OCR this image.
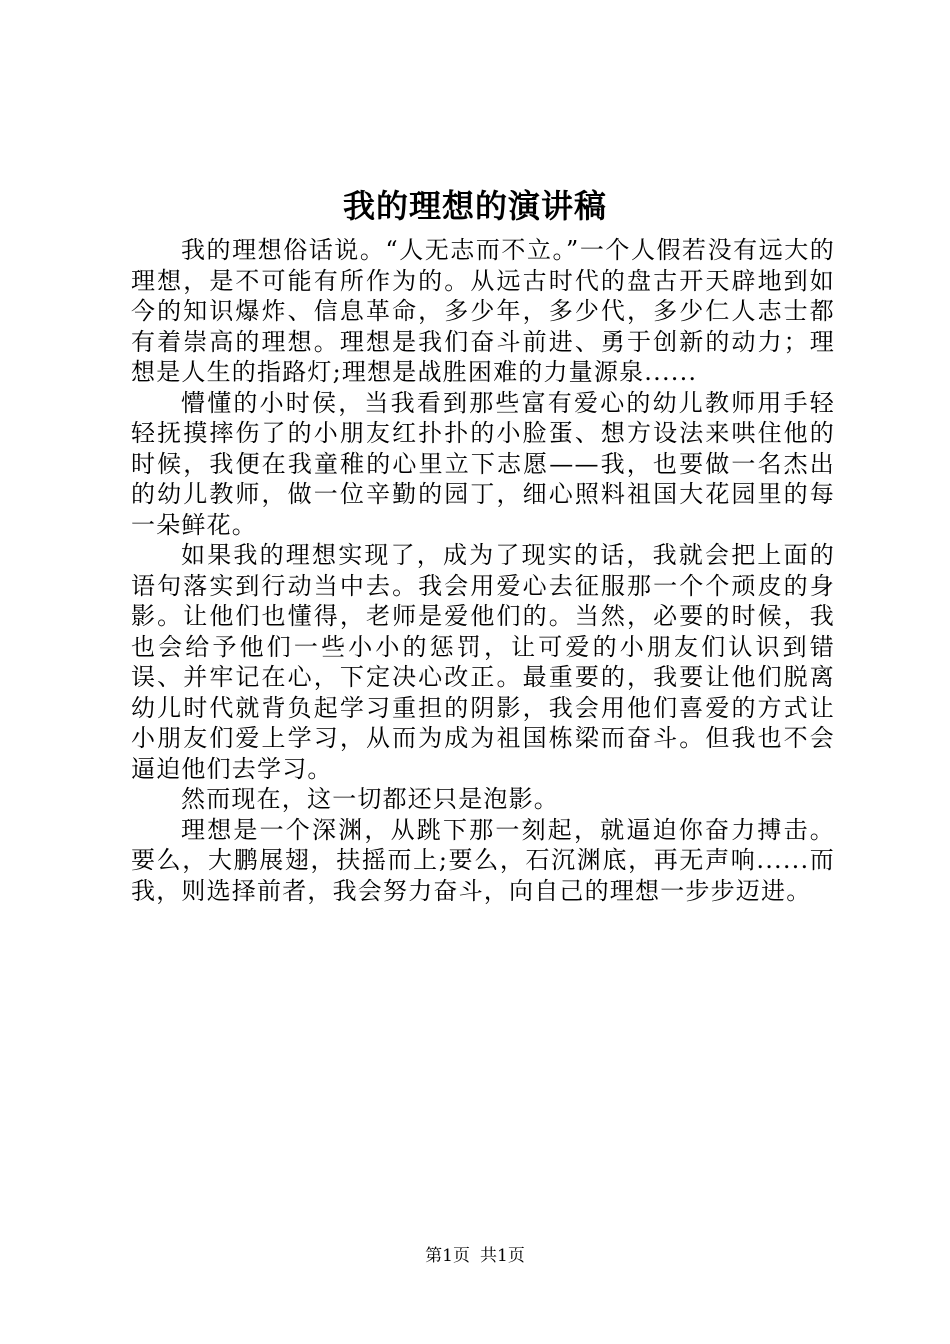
我的理想的演讲稿

我的理想俗话说。“人无志而不立。”一个人假若没有远大的理想，是不可能有所作为的。从远古时代的盘古开天辟地到如今的知识爆炸、信息革命，多少年，多少代，多少仁人志士都有着崇高的理想。理想是我们奋斗前进、勇于创新的动力；理想是人生的指路灯;理想是战胜困难的力量源泉......

懵懂的小时侯，当我看到那些富有爱心的幼儿教师用手轻轻抚摸摔伤了的小朋友红扑扑的小脸蛋、想方设法来哄住他的时候，我便在我童稚的心里立下志愿——我，也要做一名杰出的幼儿教师，做一位辛勤的园丁，细心照料祖国大花园里的每一朵鲜花。

如果我的理想实现了，成为了现实的话，我就会把上面的语句落实到行动当中去。我会用爱心去征服那一个个顽皮的身影。让他们也懂得，老师是爱他们的。当然，必要的时候，我也会给予他们一些小小的惩罚，让可爱的小朋友们认识到错误、并牢记在心，下定决心改正。最重要的，我要让他们脱离幼儿时代就背负起学习重担的阴影，我会用他们喜爱的方式让小朋友们爱上学习，从而为成为祖国栋梁而奋斗。但我也不会逼迫他们去学习。

然而现在，这一切都还只是泡影。

理想是一个深渊，从跳下那一刻起，就逼迫你奋力搏击。要么，大鹏展翅，扶摇而上;要么，石沉渊底，再无声响......而我，则选择前者，我会努力奋斗，向自己的理想一步步迈进。

第1页 共1页
